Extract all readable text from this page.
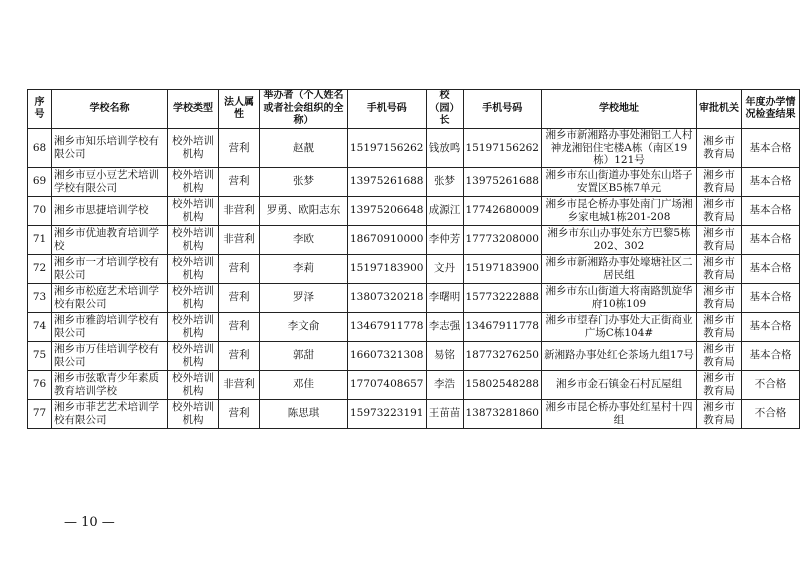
序号	学校名称	学校类型	法人属性	举办者（个人姓名或者社会组织的全称）	手机号码	校（园）长	手机号码	学校地址	审批机关	年度办学情况检查结果
68	湘乡市知乐培训学校有限公司	校外培训机构	营利	赵靓	15197156262	钱放鸣	15197156262	湘乡市新湘路办事处湘铝工人村神龙湘铝住宅楼A栋（南区19栋）121号	湘乡市教育局	基本合格
69	湘乡市豆小豆艺术培训学校有限公司	校外培训机构	营利	张梦	13975261688	张梦	13975261688	湘乡市东山街道办事处东山塔子安置区B5栋7单元	湘乡市教育局	基本合格
70	湘乡市思捷培训学校	校外培训机构	非营利	罗勇、欧阳志东	13975206648	成源江	17742680009	湘乡市昆仑桥办事处南门广场湘乡家电城1栋201-208	湘乡市教育局	基本合格
71	湘乡市优迪教育培训学校	校外培训机构	非营利	李欧	18670910000	李仲芳	17773208000	湘乡市东山办事处东方巴黎5栋202、302	湘乡市教育局	基本合格
72	湘乡市一才培训学校有限公司	校外培训机构	营利	李莉	15197183900	文丹	15197183900	湘乡市新湘路办事处壕塘社区二居民组	湘乡市教育局	基本合格
73	湘乡市松庭艺术培训学校有限公司	校外培训机构	营利	罗泽	13807320218	李曙明	15773222888	湘乡市东山街道大将南路凯旋华府10栋109	湘乡市教育局	基本合格
74	湘乡市雅韵培训学校有限公司	校外培训机构	营利	李文俞	13467911778	李志强	13467911778	湘乡市望春门办事处大正街商业广场C栋104#	湘乡市教育局	基本合格
75	湘乡市万佳培训学校有限公司	校外培训机构	营利	郭甜	16607321308	易铭	18773276250	新湘路办事处红仑茶场九组17号	湘乡市教育局	基本合格
76	湘乡市弦歌青少年素质教育培训学校	校外培训机构	非营利	邓佳	17707408657	李浩	15802548288	湘乡市金石镇金石村瓦屋组	湘乡市教育局	不合格
77	湘乡市菲艺艺术培训学校有限公司	校外培训机构	营利	陈思琪	15973223191	王苗苗	13873281860	湘乡市昆仑桥办事处红星村十四组	湘乡市教育局	不合格
— 10 —
